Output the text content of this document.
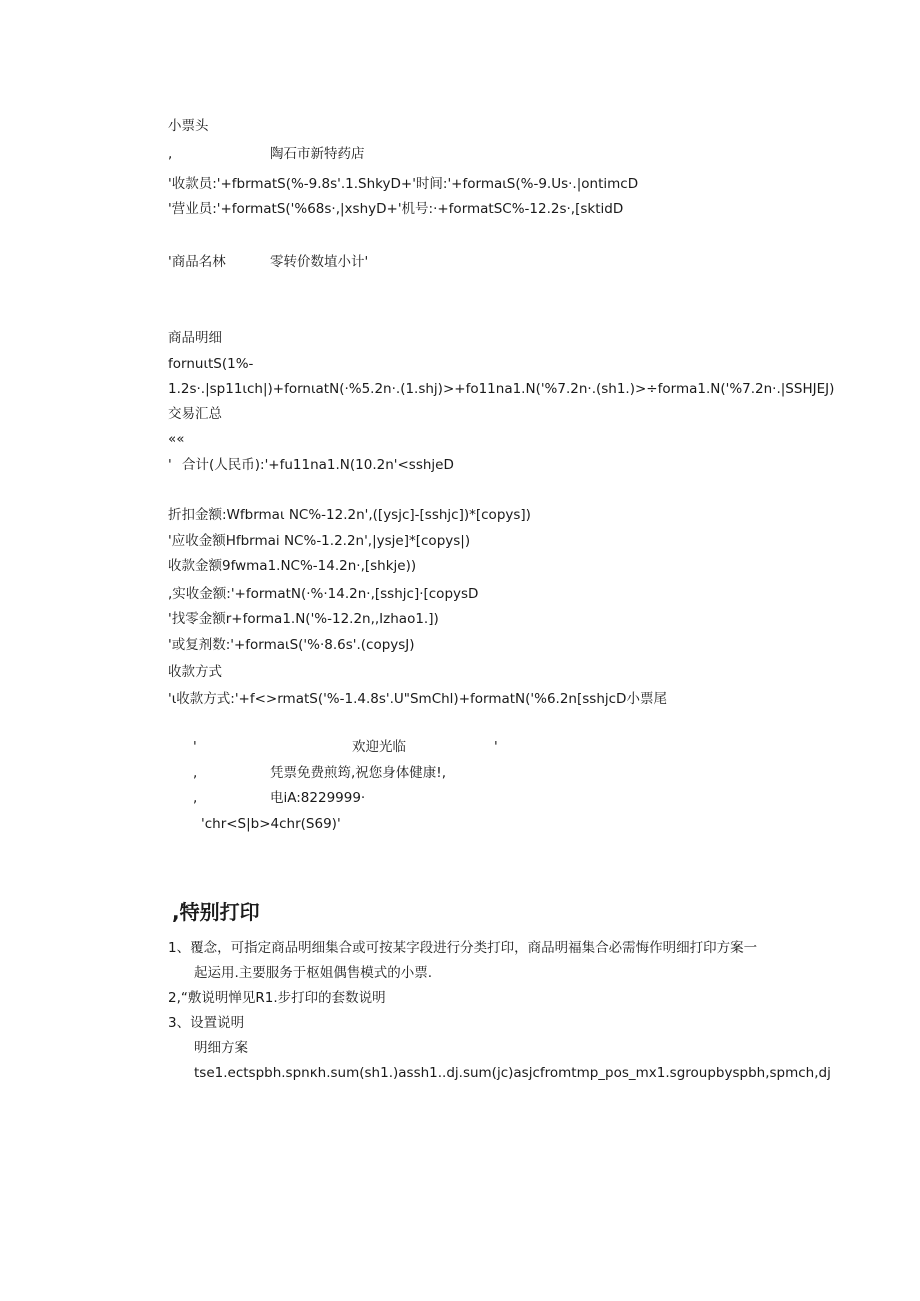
小票头
,	陶石市新特药店
'收款员:'+fbrmatS(%-9.8s'.1.ShkyD+'时间:'+formaιS(%-9.Us·.|ontimcD
'营业员:'+formatS('%68s·,|xshyD+'机号:·+formatSC%-12.2s·,[sktidD
'商品名林	零转价数埴小计'
商品明细
fornuιtS(1%-
1.2s·.|sp11ιch|)+fornιatN(·%5.2n·.(1.shj)>+fo11na1.N('%7.2n·.(sh1.)>÷forma1.N('%7.2n·.|SSHJEJ)
交易汇总
««
' 合计(人民币):'+fu11na1.N(10.2n'<sshjeD
折扣金额:Wfbrmaι NC%-12.2n',([ysjc]-[sshjc])*[copys])
'应收金额Hfbrmai NC%-1.2.2n',|ysje]*[copys|)
收款金额9fwma1.NC%-14.2n·,[shkje))
,实收金额:'+formatN(·%·14.2n·,[sshjc]·[copysD
'找零金额r+forma1.N('%-12.2n,,Izhao1.])
'或复剂数:'+formaιS('%·8.6s'.(copysJ)
收款方式
'ι收款方式:'+f<>rmatS('%-1.4.8s'.U"SmChl)+formatN('%6.2n[sshjcD小票尾
'	欢迎光临	'
,	凭票免费煎筠,祝您身体健康!,
,	电iA:8229999·
'chr<S|b>4chr(S69)'
,特别打印
1、覆念，可指定商品明细集合或可按某字段进行分类打印，商品明福集合必需悔作明细打印方案一
起运用.主要服务于枢姐偶售模式的小票.
2,“敷说明惮见R1.步打印的套数说明
3、设置说明
明细方案
tse1.ectspbh.spnκh.sum(sh1.)assh1..dj.sum(jc)asjcfromtmp_pos_mx1.sgroupbyspbh,spmch,dj
